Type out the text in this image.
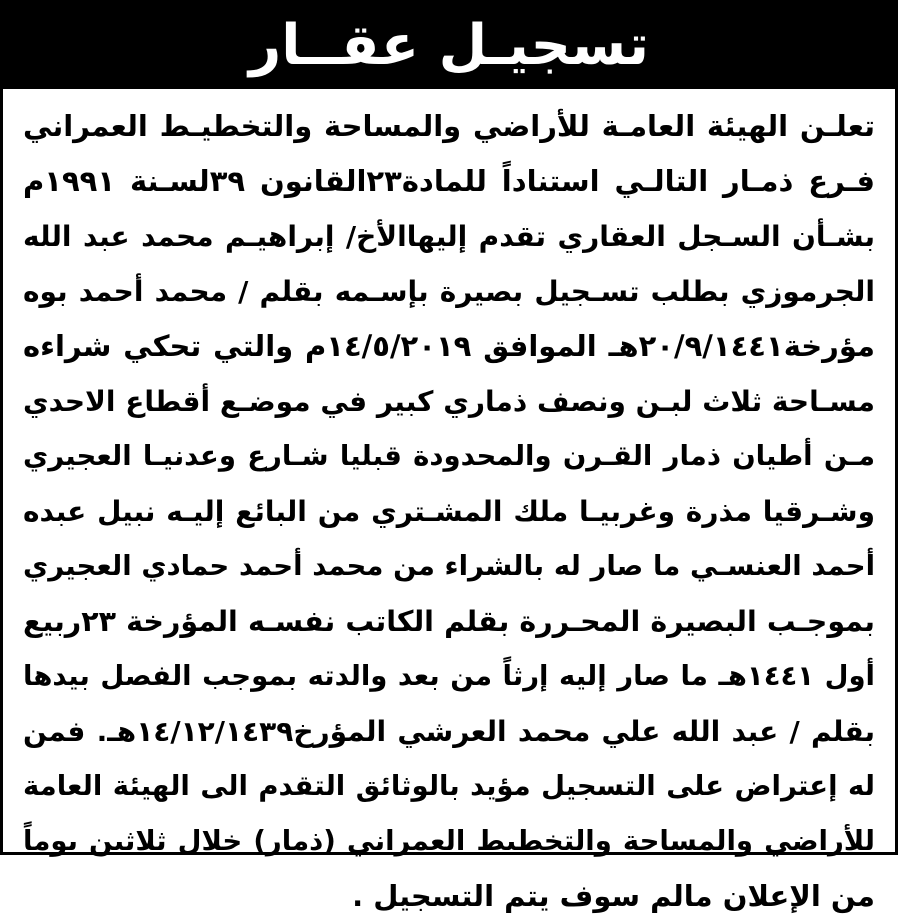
تسجيـل عقــار
تعلـن الهيئة العامـة للأراضي والمساحة والتخطيـط العمراني
فـرع ذمـار التالـي استناداً للمادة٢٣القانون ٣٩لسـنة ١٩٩١م
بشـأن السـجل العقاري تقدم إليهاالأخ/ إبراهيـم محمد عبد الله
الجرموزي بطلب تسـجيل بصيرة بإسـمه بقلم / محمد أحمد بوه
مؤرخة٢٠/٩/١٤٤١هـ الموافق ١٤/٥/٢٠١٩م والتي تحكي شراءه
مسـاحة ثلاث لبـن ونصف ذماري كبير في موضـع أقطاع الاحدي
مـن أطيان ذمار القـرن والمحدودة قبليا شـارع وعدنيـا العجيري
وشـرقيا مذرة وغربيـا ملك المشـتري من البائع إليـه نبيل عبده
أحمد العنسـي ما صار له بالشراء من محمد أحمد حمادي العجيري
بموجـب البصيرة المحـررة بقلم الكاتب نفسـه المؤرخة ٢٣ربيع
أول ١٤٤١هـ ما صار إليه إرثاً من بعد والدته بموجب الفصل بيدها
بقلم / عبد الله علي محمد العرشي المؤرخ١٤/١٢/١٤٣٩هـ. فمن
له إعتراض على التسجيل مؤيد بالوثائق التقدم الى الهيئة العامة
للأراضي والمساحة والتخطيط العمراني (ذمار) خلال ثلاثين يوماً
من الإعلان مالم سوف يتم التسجيل .
